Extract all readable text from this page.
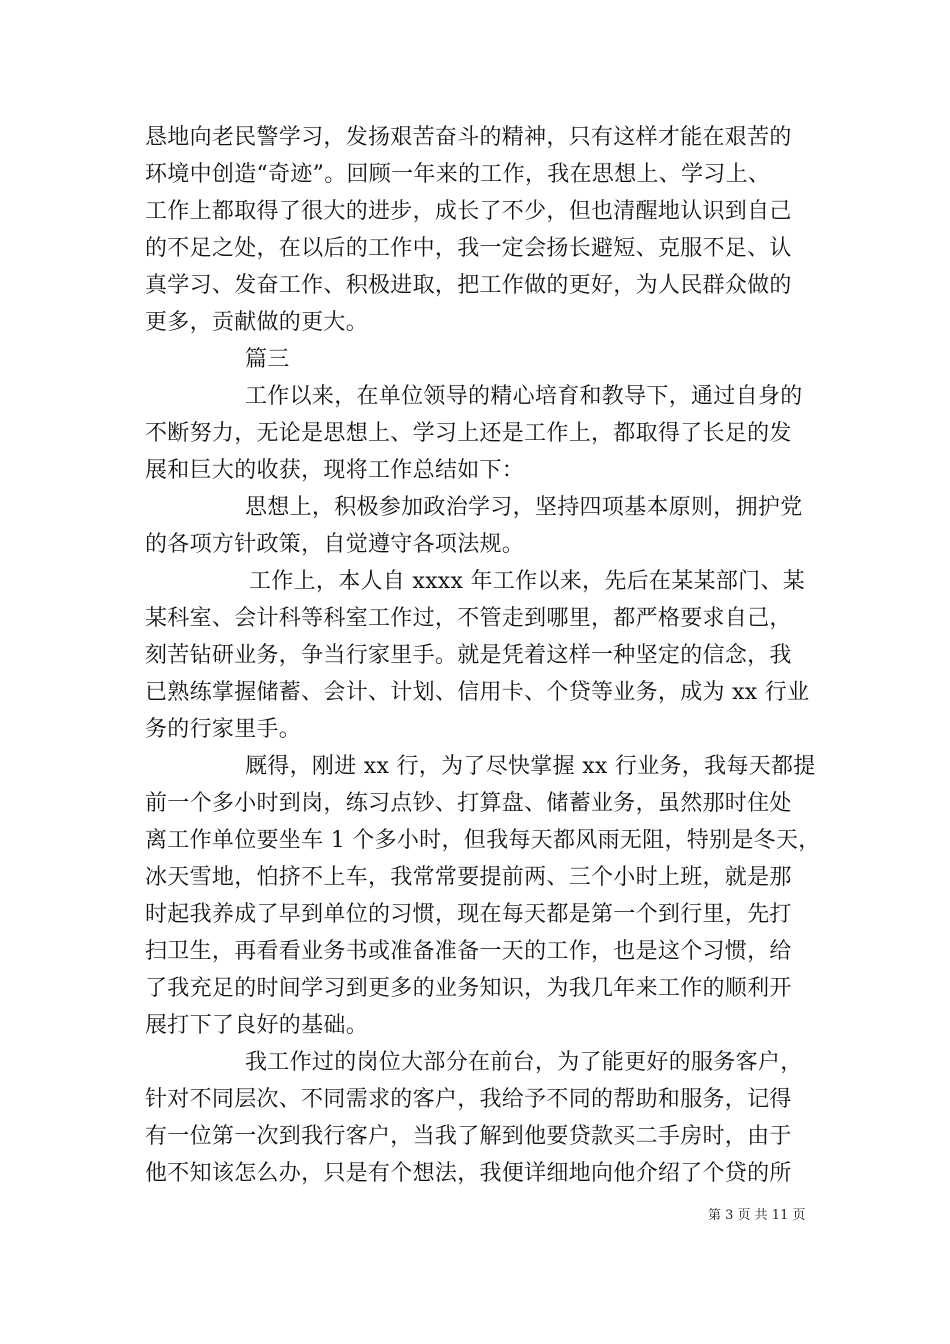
恳地向老民警学习，发扬艰苦奋斗的精神，只有这样才能在艰苦的
环境中创造“奇迹”。回顾一年来的工作，我在思想上、学习上、
工作上都取得了很大的进步，成长了不少，但也清醒地认识到自己
的不足之处，在以后的工作中，我一定会扬长避短、克服不足、认
真学习、发奋工作、积极进取，把工作做的更好，为人民群众做的
更多，贡献做的更大。
篇三
工作以来，在单位领导的精心培育和教导下，通过自身的
不断努力，无论是思想上、学习上还是工作上，都取得了长足的发
展和巨大的收获，现将工作总结如下：
思想上，积极参加政治学习，坚持四项基本原则，拥护党
的各项方针政策，自觉遵守各项法规。
工作上，本人自 xxxx 年工作以来，先后在某某部门、某
某科室、会计科等科室工作过，不管走到哪里，都严格要求自己，
刻苦钻研业务，争当行家里手。就是凭着这样一种坚定的信念，我
已熟练掌握储蓄、会计、计划、信用卡、个贷等业务，成为 xx 行业
务的行家里手。
厩得，刚进 xx 行，为了尽快掌握 xx 行业务，我每天都提
前一个多小时到岗，练习点钞、打算盘、储蓄业务，虽然那时住处
离工作单位要坐车 1 个多小时，但我每天都风雨无阻，特别是冬天，
冰天雪地，怕挤不上车，我常常要提前两、三个小时上班，就是那
时起我养成了早到单位的习惯，现在每天都是第一个到行里，先打
扫卫生，再看看业务书或准备准备一天的工作，也是这个习惯，给
了我充足的时间学习到更多的业务知识，为我几年来工作的顺利开
展打下了良好的基础。
我工作过的岗位大部分在前台，为了能更好的服务客户，
针对不同层次、不同需求的客户，我给予不同的帮助和服务，记得
有一位第一次到我行客户，当我了解到他要贷款买二手房时，由于
他不知该怎么办，只是有个想法，我便详细地向他介绍了个贷的所
第 3 页 共 11 页
